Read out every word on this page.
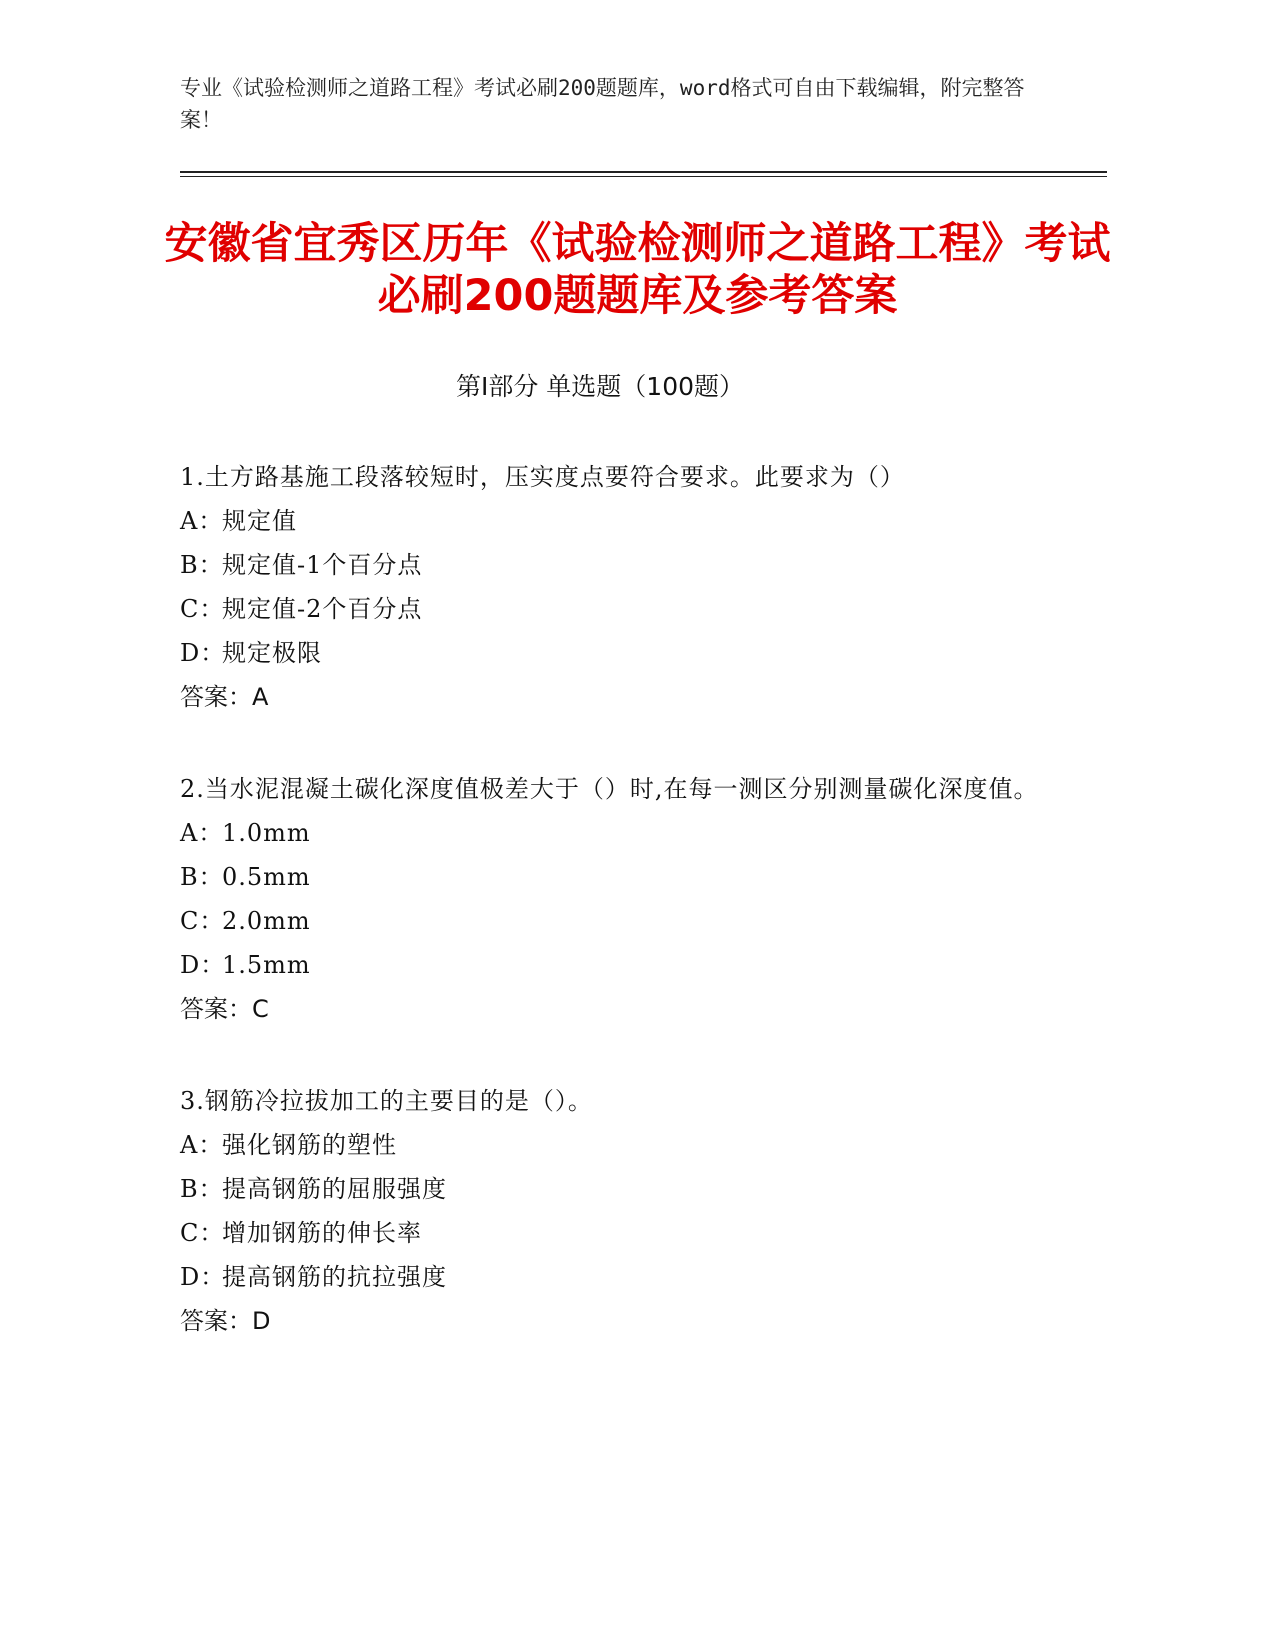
专业《试验检测师之道路工程》考试必刷200题题库，word格式可自由下载编辑，附完整答案！
安徽省宜秀区历年《试验检测师之道路工程》考试必刷200题题库及参考答案
第Ⅰ部分 单选题（100题）
1.土方路基施工段落较短时，压实度点要符合要求。此要求为（）
A：规定值
B：规定值-1个百分点
C：规定值-2个百分点
D：规定极限
答案：A
2.当水泥混凝土碳化深度值极差大于（）时,在每一测区分别测量碳化深度值。
A：1.0mm
B：0.5mm
C：2.0mm
D：1.5mm
答案：C
3.钢筋冷拉拔加工的主要目的是（）。
A：强化钢筋的塑性
B：提高钢筋的屈服强度
C：增加钢筋的伸长率
D：提高钢筋的抗拉强度
答案：D
